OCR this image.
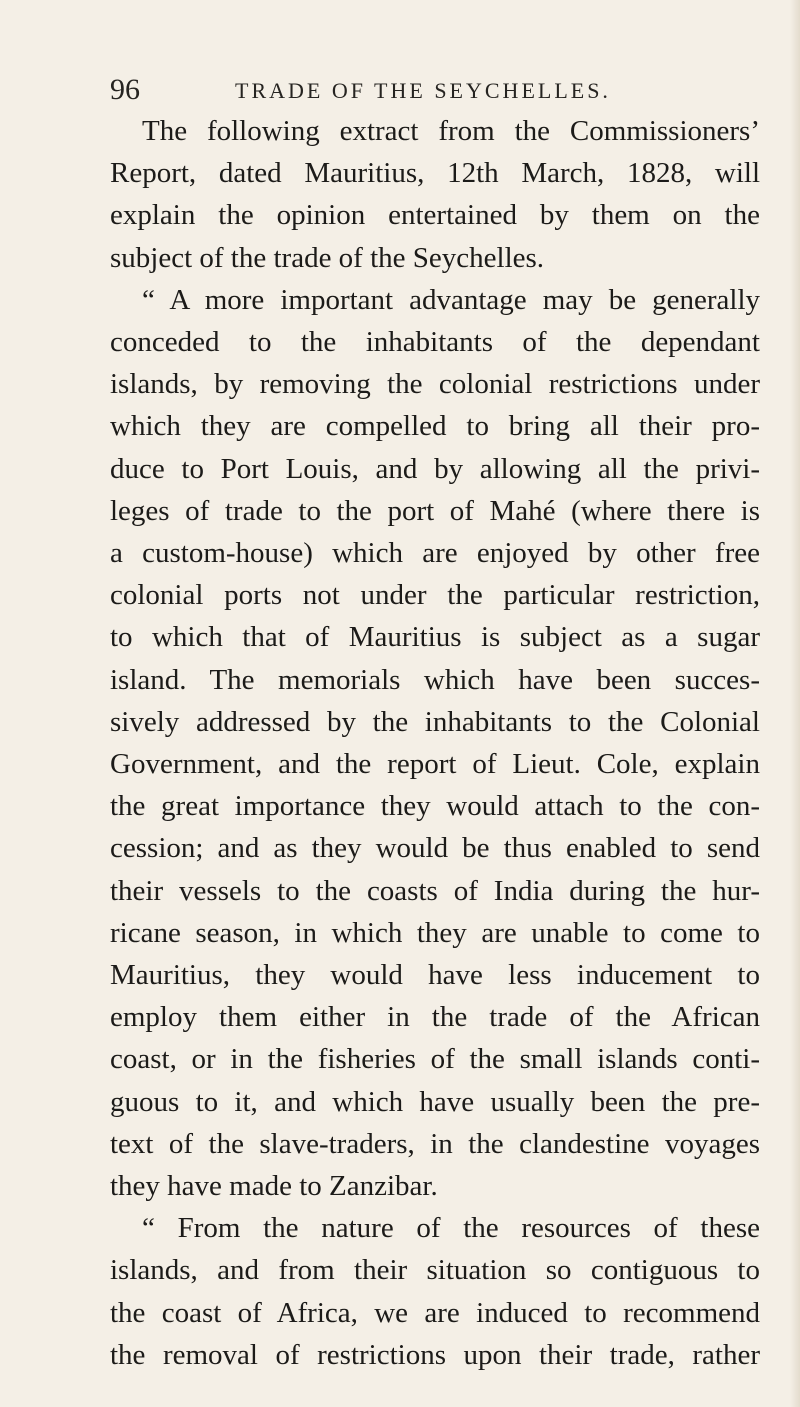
96	TRADE OF THE SEYCHELLES.

The following extract from the Commissioners’
Report, dated Mauritius, 12th March, 1828, will
explain the opinion entertained by them on the
subject of the trade of the Seychelles.
“ A more important advantage may be generally
conceded to the inhabitants of the dependant
islands, by removing the colonial restrictions under
which they are compelled to bring all their pro-
duce to Port Louis, and by allowing all the privi-
leges of trade to the port of Mahé (where there is
a custom-house) which are enjoyed by other free
colonial ports not under the particular restriction,
to which that of Mauritius is subject as a sugar
island. The memorials which have been succes-
sively addressed by the inhabitants to the Colonial
Government, and the report of Lieut. Cole, explain
the great importance they would attach to the con-
cession; and as they would be thus enabled to send
their vessels to the coasts of India during the hur-
ricane season, in which they are unable to come to
Mauritius, they would have less inducement to
employ them either in the trade of the African
coast, or in the fisheries of the small islands conti-
guous to it, and which have usually been the pre-
text of the slave-traders, in the clandestine voyages
they have made to Zanzibar.
“ From the nature of the resources of these
islands, and from their situation so contiguous to
the coast of Africa, we are induced to recommend
the removal of restrictions upon their trade, rather
